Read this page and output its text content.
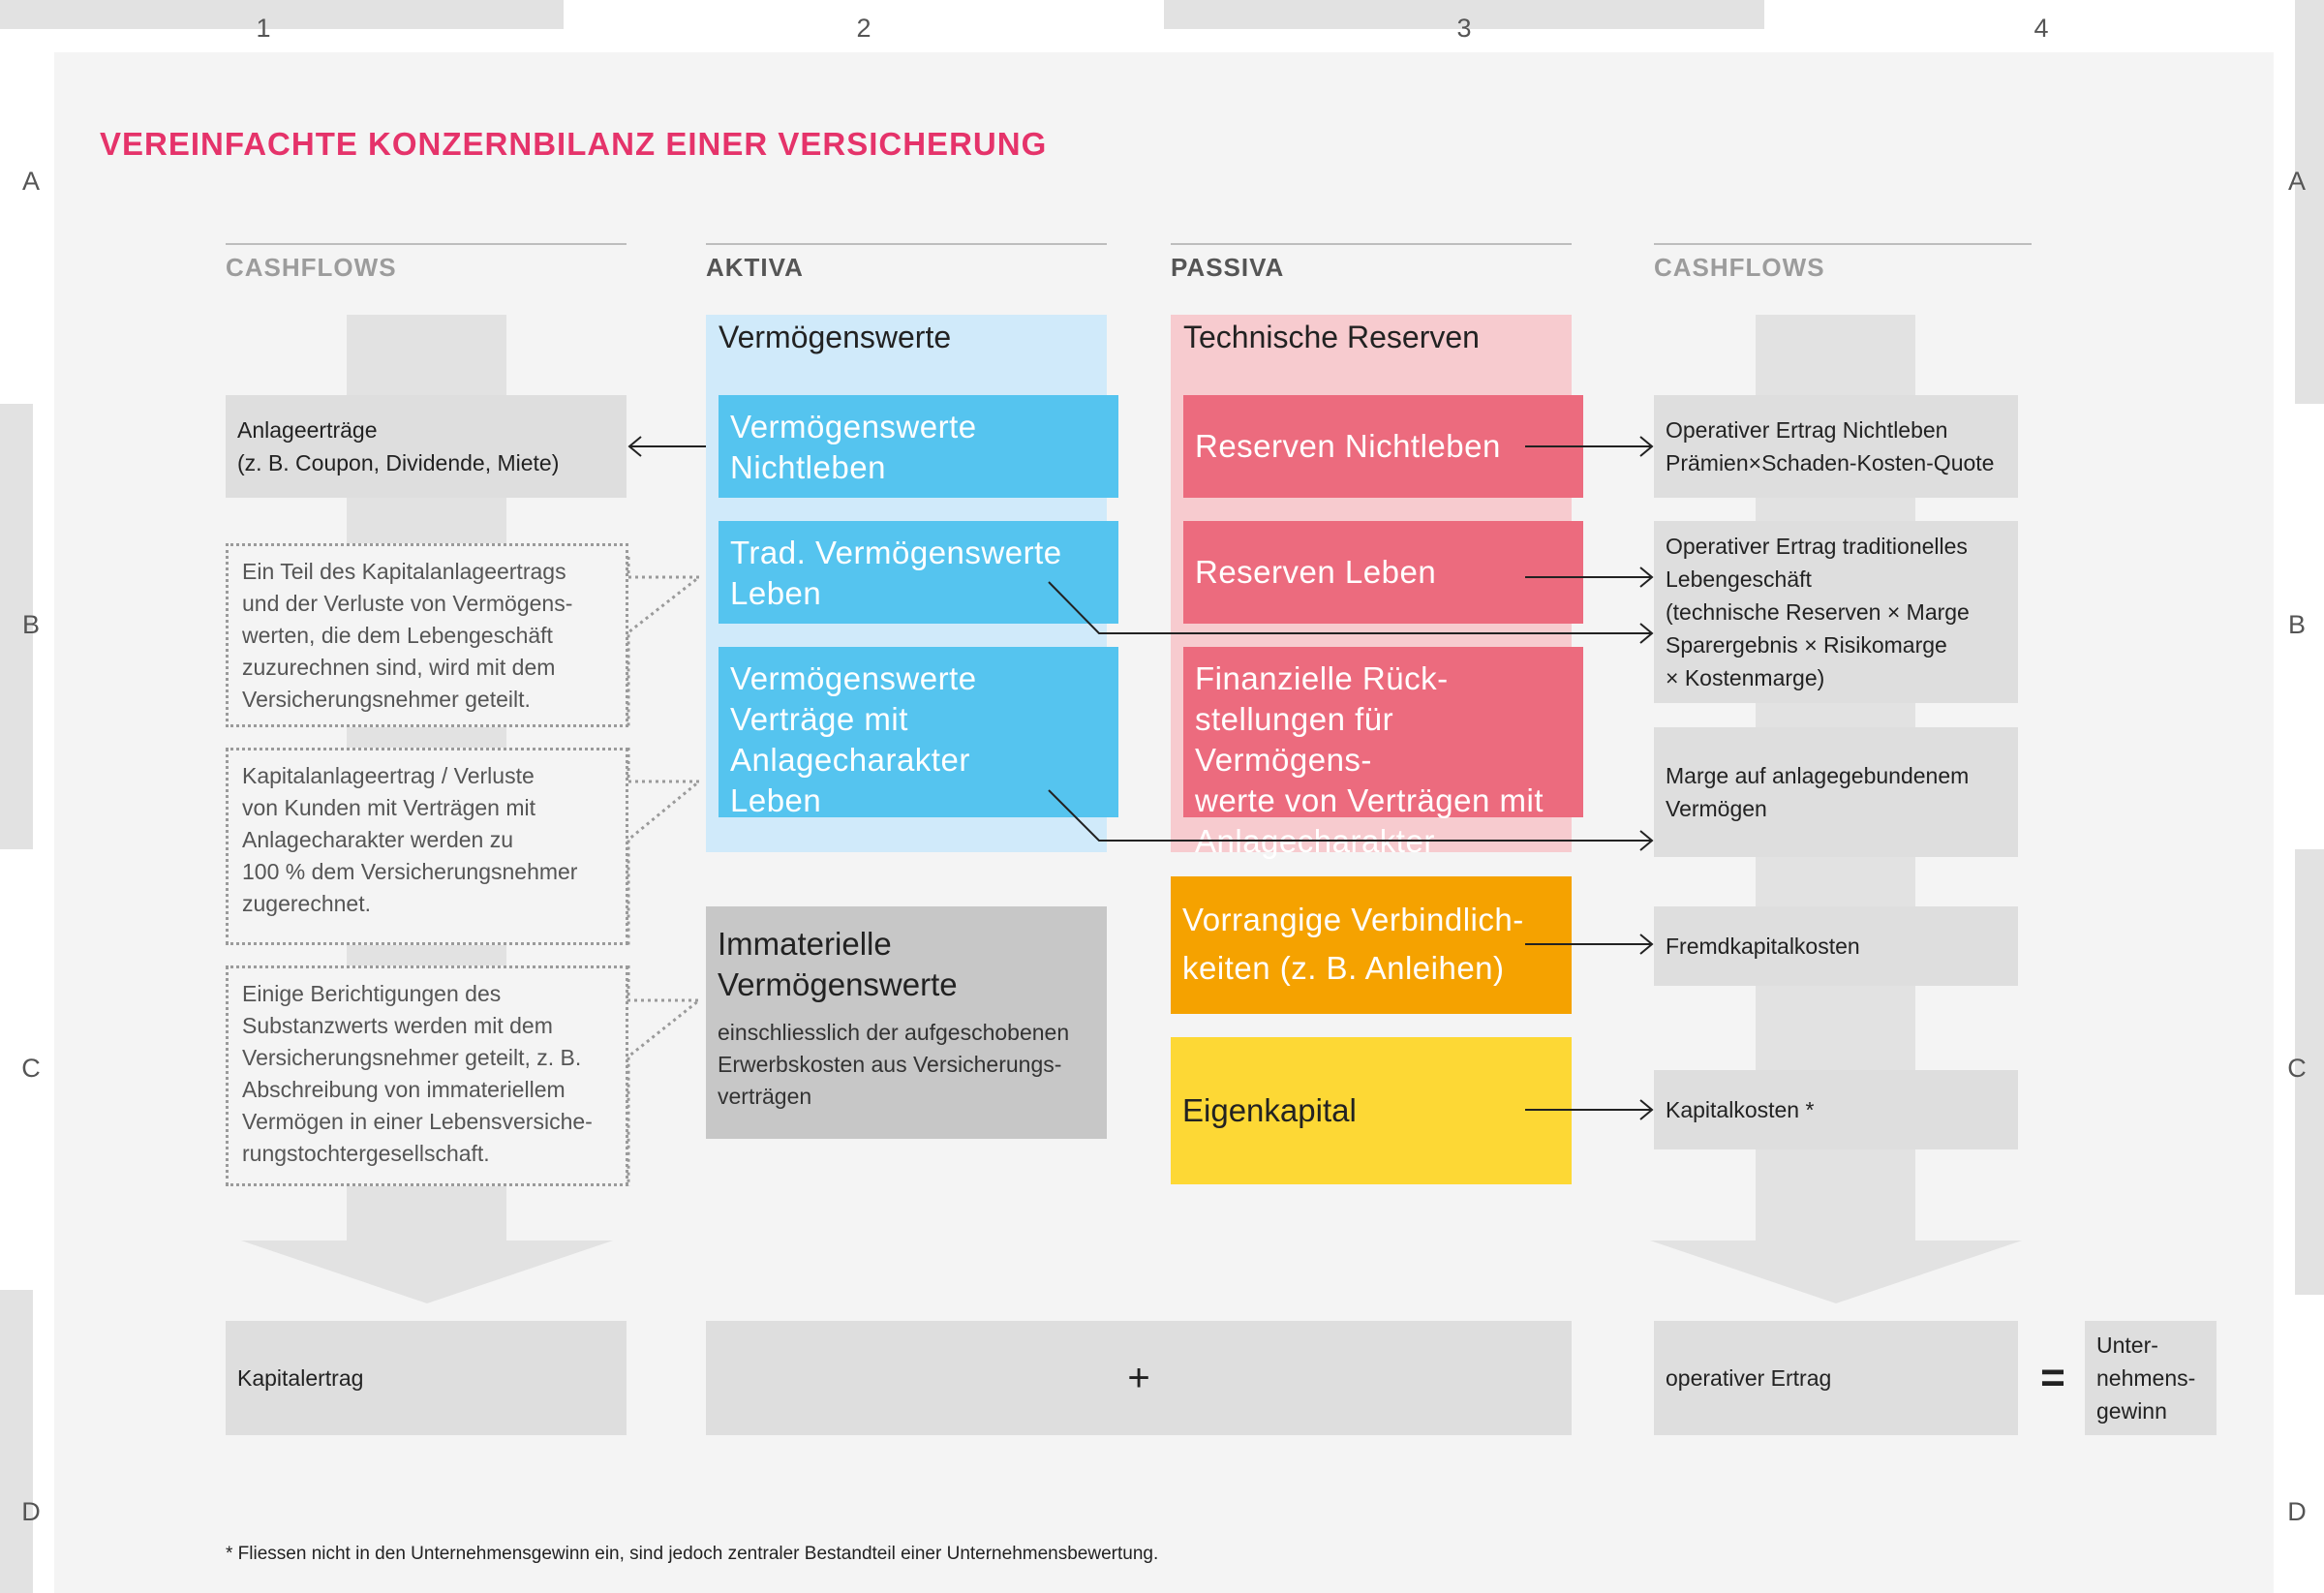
1	2	3	4
A
B
C
D
A
B
C
D
VEREINFACHTE KONZERNBILANZ EINER VERSICHERUNG
CASHFLOWS	AKTIVA	PASSIVA	CASHFLOWS
Anlageerträge
(z. B. Coupon, Dividende, Miete)
Ein Teil des Kapitalanlageertrags
und der Verluste von Vermögens-
werten, die dem Lebengeschäft
zuzurechnen sind, wird mit dem
Versicherungsnehmer geteilt.
Kapitalanlageertrag / Verluste
von Kunden mit Verträgen mit
Anlagecharakter werden zu
100 % dem Versicherungsnehmer
zugerechnet.
Einige Berichtigungen des
Substanzwerts werden mit dem
Versicherungsnehmer geteilt, z. B.
Abschreibung von immateriellem
Vermögen in einer Lebensversiche-
rungstochtergesellschaft.
Vermögenswerte
Vermögenswerte
Nichtleben
Trad. Vermögenswerte
Leben
Vermögenswerte
Verträge mit
Anlagecharakter
Leben
Immaterielle
Vermögenswerte
einschliesslich der aufgeschobenen
Erwerbskosten aus Versicherungs-
verträgen
Technische Reserven
Reserven Nichtleben
Reserven Leben
Finanzielle Rück-
stellungen für Vermögens-
werte von Verträgen mit
Anlagecharakter
Vorrangige Verbindlich-
keiten (z. B. Anleihen)
Eigenkapital
Operativer Ertrag Nichtleben
Prämien×Schaden-Kosten-Quote
Operativer Ertrag traditionelles
Lebengeschäft
(technische Reserven × Marge
Sparergebnis × Risikomarge
× Kostenmarge)
Marge auf anlagegebundenem
Vermögen
Fremdkapitalkosten
Kapitalkosten *
Kapitalertrag	+	operativer Ertrag	=
Unter-
nehmens-
gewinn
* Fliessen nicht in den Unternehmensgewinn ein, sind jedoch zentraler Bestandteil einer Unternehmensbewertung.
